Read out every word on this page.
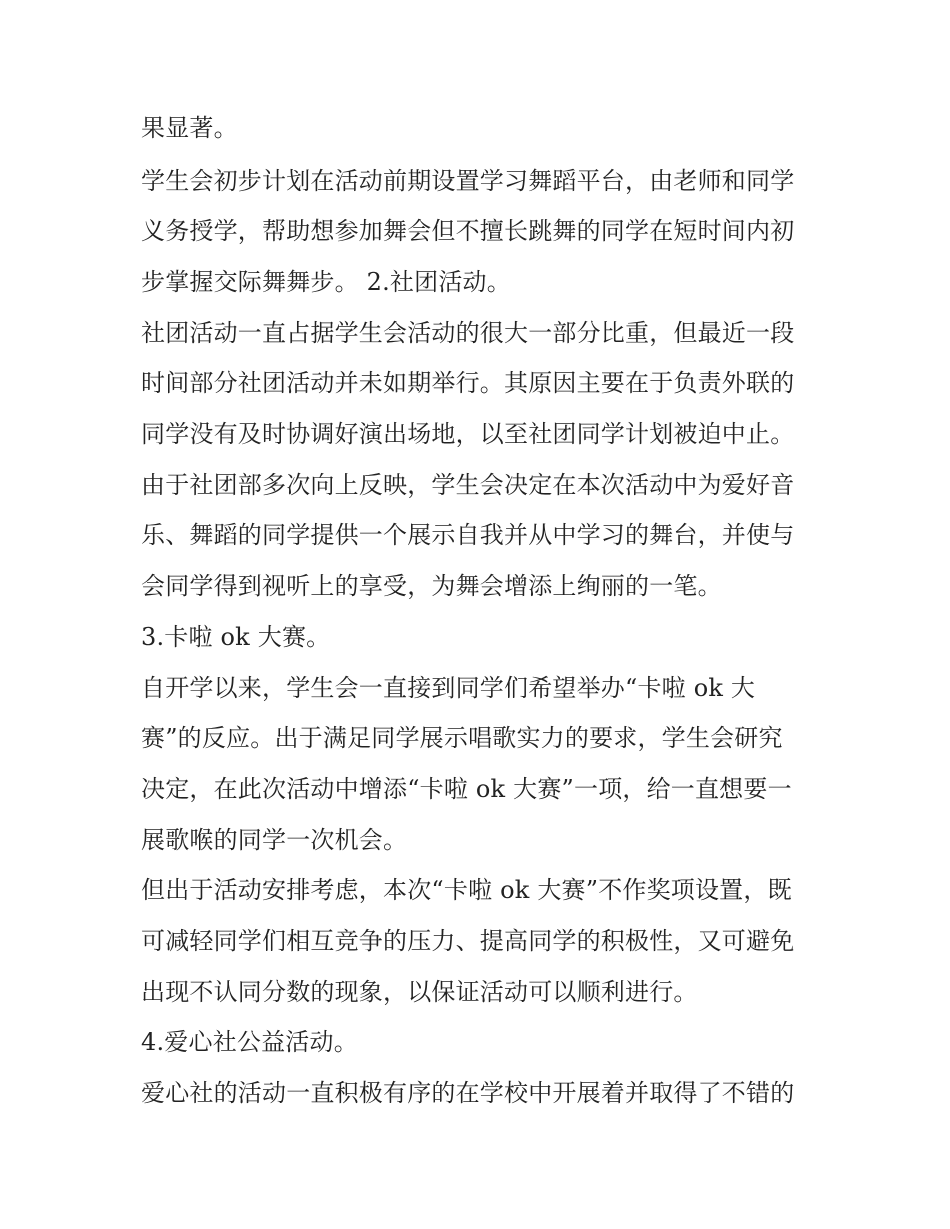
果显著。
学生会初步计划在活动前期设置学习舞蹈平台，由老师和同学
义务授学，帮助想参加舞会但不擅长跳舞的同学在短时间内初
步掌握交际舞舞步。 2.社团活动。
社团活动一直占据学生会活动的很大一部分比重，但最近一段
时间部分社团活动并未如期举行。其原因主要在于负责外联的
同学没有及时协调好演出场地，以至社团同学计划被迫中止。
由于社团部多次向上反映，学生会决定在本次活动中为爱好音
乐、舞蹈的同学提供一个展示自我并从中学习的舞台，并使与
会同学得到视听上的享受，为舞会增添上绚丽的一笔。
3.卡啦 ok 大赛。
自开学以来，学生会一直接到同学们希望举办“卡啦 ok 大
赛”的反应。出于满足同学展示唱歌实力的要求，学生会研究
决定，在此次活动中增添“卡啦 ok 大赛”一项，给一直想要一
展歌喉的同学一次机会。
但出于活动安排考虑，本次“卡啦 ok 大赛”不作奖项设置，既
可减轻同学们相互竞争的压力、提高同学的积极性，又可避免
出现不认同分数的现象，以保证活动可以顺利进行。
4.爱心社公益活动。
爱心社的活动一直积极有序的在学校中开展着并取得了不错的
